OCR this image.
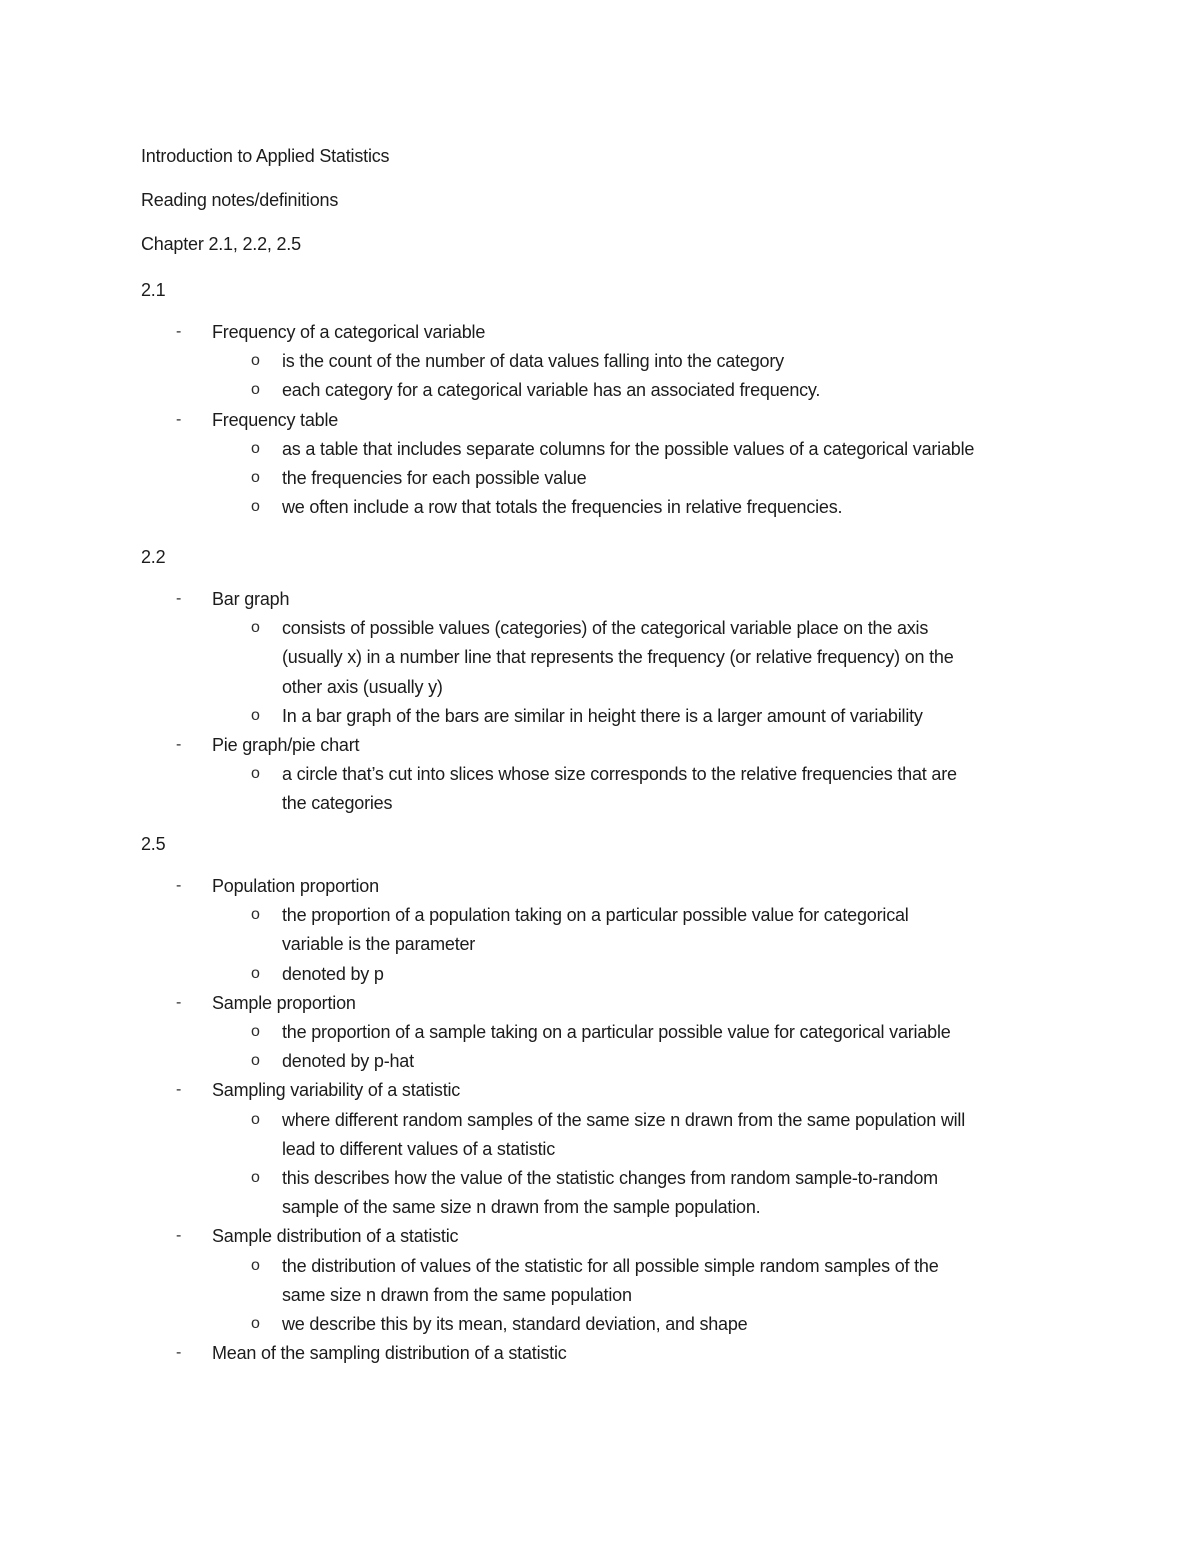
Introduction to Applied Statistics
Reading notes/definitions
Chapter 2.1, 2.2, 2.5
2.1
- Frequency of a categorical variable
o is the count of the number of data values falling into the category
o each category for a categorical variable has an associated frequency.
- Frequency table
o as a table that includes separate columns for the possible values of a categorical variable
o the frequencies for each possible value
o we often include a row that totals the frequencies in relative frequencies.
2.2
- Bar graph
o consists of possible values (categories) of the categorical variable place on the axis
(usually x) in a number line that represents the frequency (or relative frequency) on the
other axis (usually y)
o In a bar graph of the bars are similar in height there is a larger amount of variability
- Pie graph/pie chart
o a circle that’s cut into slices whose size corresponds to the relative frequencies that are
the categories
2.5
- Population proportion
o the proportion of a population taking on a particular possible value for categorical
variable is the parameter
o denoted by p
- Sample proportion
o the proportion of a sample taking on a particular possible value for categorical variable
o denoted by p-hat
- Sampling variability of a statistic
o where different random samples of the same size n drawn from the same population will
lead to different values of a statistic
o this describes how the value of the statistic changes from random sample-to-random
sample of the same size n drawn from the sample population.
- Sample distribution of a statistic
o the distribution of values of the statistic for all possible simple random samples of the
same size n drawn from the same population
o we describe this by its mean, standard deviation, and shape
- Mean of the sampling distribution of a statistic
